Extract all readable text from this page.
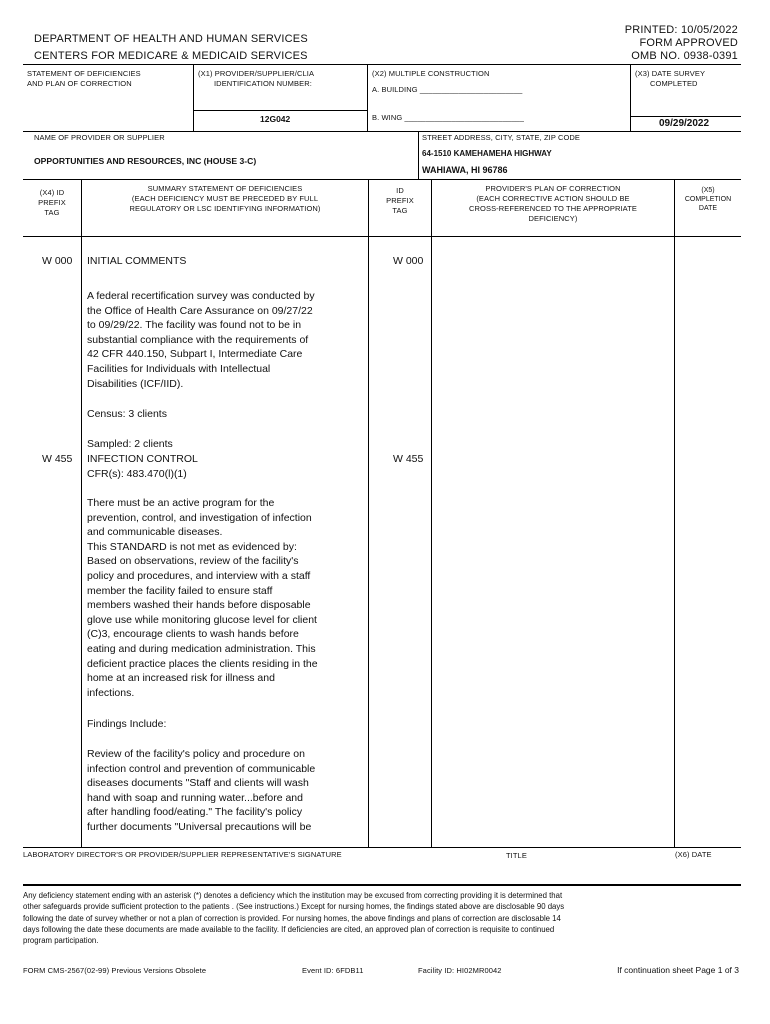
PRINTED: 10/05/2022
FORM APPROVED
OMB NO. 0938-0391
DEPARTMENT OF HEALTH AND HUMAN SERVICES
CENTERS FOR MEDICARE & MEDICAID SERVICES
STATEMENT OF DEFICIENCIES
AND PLAN OF CORRECTION
(X1) PROVIDER/SUPPLIER/CLIA
IDENTIFICATION NUMBER:
12G042
(X2) MULTIPLE CONSTRUCTION
A. BUILDING ________________________
B. WING ____________________________
(X3) DATE SURVEY
COMPLETED
09/29/2022
NAME OF PROVIDER OR SUPPLIER
OPPORTUNITIES AND RESOURCES, INC (HOUSE 3-C)
STREET ADDRESS, CITY, STATE, ZIP CODE
64-1510 KAMEHAMEHA HIGHWAY
WAHIAWA, HI 96786
(X4) ID
PREFIX
TAG
SUMMARY STATEMENT OF DEFICIENCIES
(EACH DEFICIENCY MUST BE PRECEDED BY FULL
REGULATORY OR LSC IDENTIFYING INFORMATION)
ID
PREFIX
TAG
PROVIDER'S PLAN OF CORRECTION
(EACH CORRECTIVE ACTION SHOULD BE
CROSS-REFERENCED TO THE APPROPRIATE
DEFICIENCY)
(X5)
COMPLETION
DATE
W 000	W 000
INITIAL COMMENTS
A federal recertification survey was conducted by
the Office of Health Care Assurance on 09/27/22
to 09/29/22. The facility was found not to be in
substantial compliance with the requirements of
42 CFR 440.150, Subpart I, Intermediate Care
Facilities for Individuals with Intellectual
Disabilities (ICF/IID).
Census: 3 clients
Sampled: 2 clients
W 455	W 455
INFECTION CONTROL
CFR(s): 483.470(l)(1)
There must be an active program for the
prevention, control, and investigation of infection
and communicable diseases.
This STANDARD is not met as evidenced by:
Based on observations, review of the facility's
policy and procedures, and interview with a staff
member the facility failed to ensure staff
members washed their hands before disposable
glove use while monitoring glucose level for client
(C)3, encourage clients to wash hands before
eating and during medication administration. This
deficient practice places the clients residing in the
home at an increased risk for illness and
infections.
Findings Include:
Review of the facility's policy and procedure on
infection control and prevention of communicable
diseases documents "Staff and clients will wash
hand with soap and running water...before and
after handling food/eating." The facility's policy
further documents "Universal precautions will be
LABORATORY DIRECTOR'S OR PROVIDER/SUPPLIER REPRESENTATIVE'S SIGNATURE	TITLE	(X6) DATE
Any deficiency statement ending with an asterisk (*) denotes a deficiency which the institution may be excused from correcting providing it is determined that
other safeguards provide sufficient protection to the patients . (See instructions.) Except for nursing homes, the findings stated above are disclosable 90 days
following the date of survey whether or not a plan of correction is provided. For nursing homes, the above findings and plans of correction are disclosable 14
days following the date these documents are made available to the facility. If deficiencies are cited, an approved plan of correction is requisite to continued
program participation.
FORM CMS-2567(02-99) Previous Versions Obsolete	Event ID: 6FDB11	Facility ID: HI02MR0042	If continuation sheet Page 1 of 3
